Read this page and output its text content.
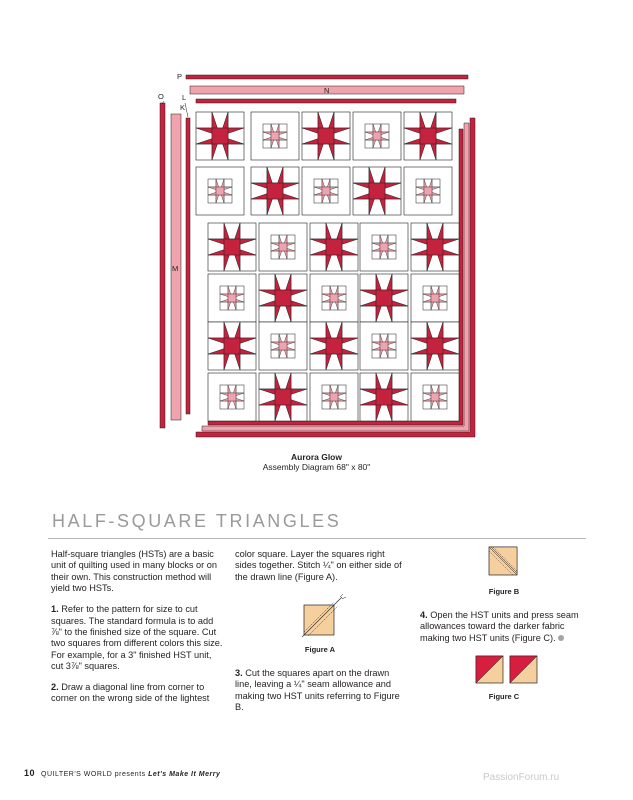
P
N
L
K
O
M
Aurora Glow
Assembly Diagram 68" x 80"
HALF-SQUARE TRIANGLES

Half-square triangles (HSTs) are a basic unit of quilting used in many blocks or on their own. This construction method will yield two HSTs.

1. Refer to the pattern for size to cut squares. The standard formula is to add ⅞" to the finished size of the square. Cut two squares from different colors this size. For example, for a 3" finished HST unit, cut 3⅞" squares.

2. Draw a diagonal line from corner to corner on the wrong side of the lightest

color square. Layer the squares right sides together. Stitch ¼" on either side of the drawn line (Figure A).

Figure A

3. Cut the squares apart on the drawn line, leaving a ¼" seam allowance and making two HST units referring to Figure B.

Figure B

4. Open the HST units and press seam allowances toward the darker fabric making two HST units (Figure C).

Figure C
10 QUILTER'S WORLD presents Let's Make It Merry	PassionForum.ru
